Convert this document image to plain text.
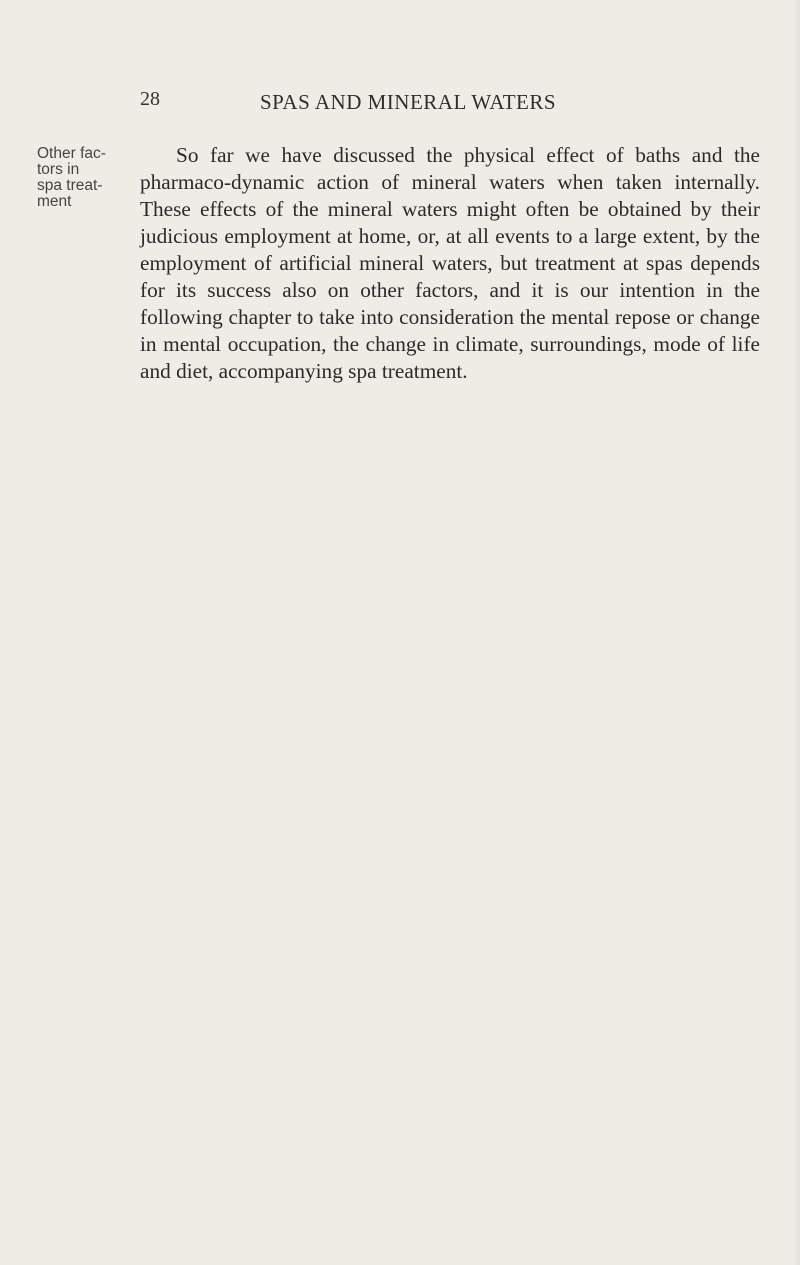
28	SPAS AND MINERAL WATERS
Other fac-
tors in
spa treat-
ment

So far we have discussed the physical effect of baths and the pharmaco-dynamic action of mineral waters when taken internally. These effects of the mineral waters might often be obtained by their judicious employment at home, or, at all events to a large extent, by the employment of artificial mineral waters, but treatment at spas depends for its success also on other factors, and it is our intention in the following chapter to take into consideration the mental repose or change in mental occupation, the change in climate, surroundings, mode of life and diet, accompanying spa treatment.
